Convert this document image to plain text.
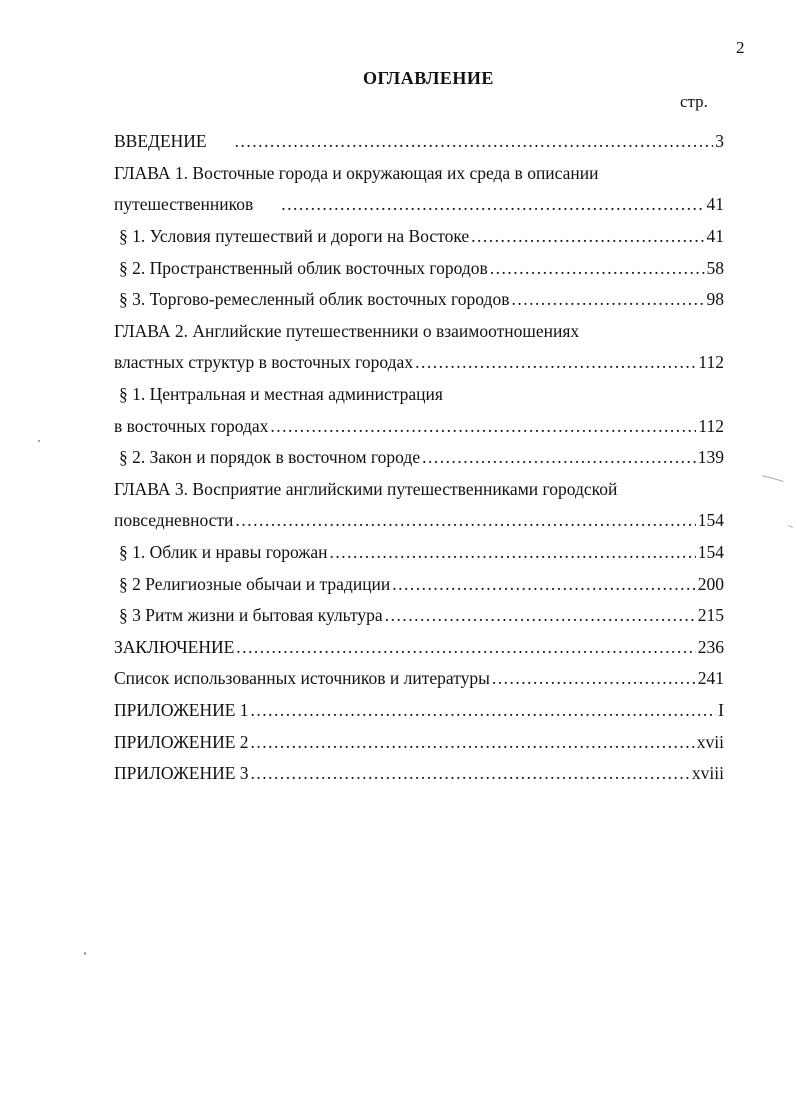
2
ОГЛАВЛЕНИЕ
стр.
ВВЕДЕНИЕ .....	3
ГЛАВА 1. Восточные города и окружающая их среда в описании
путешественников .....	41
§ 1. Условия путешествий и дороги на Востоке .....	41
§ 2. Пространственный облик восточных городов .....	58
§ 3. Торгово-ремесленный облик восточных городов .....	98
ГЛАВА 2. Английские путешественники о взаимоотношениях
властных структур в восточных городах .....	112
§ 1. Центральная и местная администрация
в восточных городах .....	112
§ 2. Закон и порядок в восточном городе .....	139
ГЛАВА 3. Восприятие английскими путешественниками городской
повседневности .....	154
§ 1. Облик и нравы горожан .....	154
§ 2 Религиозные обычаи и традиции .....	200
§ 3 Ритм жизни и бытовая культура .....	215
ЗАКЛЮЧЕНИЕ .....	236
Список использованных источников и литературы .....	241
ПРИЛОЖЕНИЕ 1 .....	I
ПРИЛОЖЕНИЕ 2 .....	xvii
ПРИЛОЖЕНИЕ 3 .....	xviii
